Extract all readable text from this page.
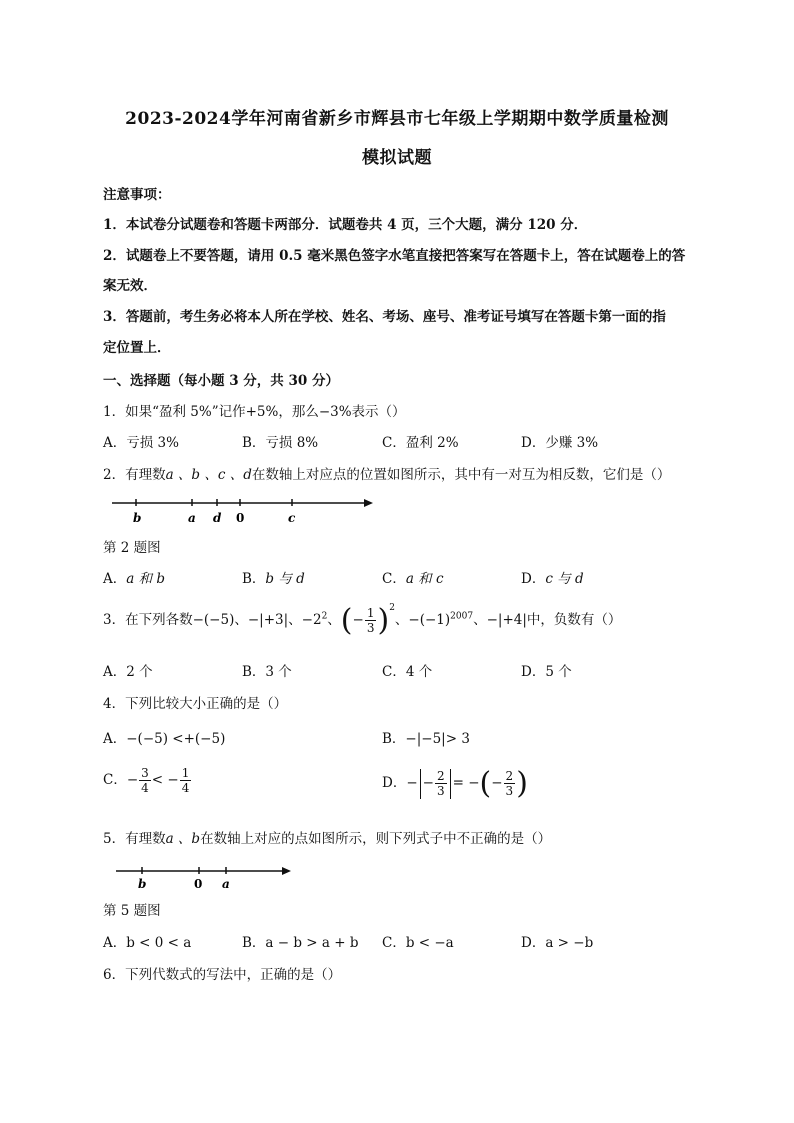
2023-2024学年河南省新乡市辉县市七年级上学期期中数学质量检测
模拟试题
注意事项：
1．本试卷分试题卷和答题卡两部分．试题卷共 4 页，三个大题，满分 120 分．
2．试题卷上不要答题，请用 0.5 毫米黑色签字水笔直接把答案写在答题卡上，答在试题卷上的答
案无效．
3．答题前，考生务必将本人所在学校、姓名、考场、座号、准考证号填写在答题卡第一面的指
定位置上．
一、选择题（每小题 3 分，共 30 分）
1．如果“盈利 5%”记作+5%，那么−3%表示（）
A．亏损 3%	B．亏损 8%	C．盈利 2%	D．少赚 3%
2．有理数a 、b 、c 、d在数轴上对应点的位置如图所示，其中有一对互为相反数，它们是（）
b	a d 0	c
第 2 题图
A．a 和 b	B．b 与 d	C．a 和 c	D．c 与 d
3．在下列各数−(−5)、−|+3|、$-2^2$、(− $\frac{1}{3} )^2$、$-(-1)^{2007}$、−|+4|中，负数有（）
A．2 个	B．3 个	C．4 个	D．5 个
4．下列比较大小正确的是（）
A．−(−5) <+(−5)	B．−|−5|> 3
C．− $\frac{3}{4}$ < − $\frac{1}{4}$	D．− − $\frac{2}{3}$ = −(− $\frac{2}{3}$ )
5．有理数a 、b在数轴上对应的点如图所示，则下列式子中不正确的是（）
b	0 a
第 5 题图
A．b < 0 < a	B．a − b > a + b C．b < −a	D．a > −b
6．下列代数式的写法中，正确的是（）
